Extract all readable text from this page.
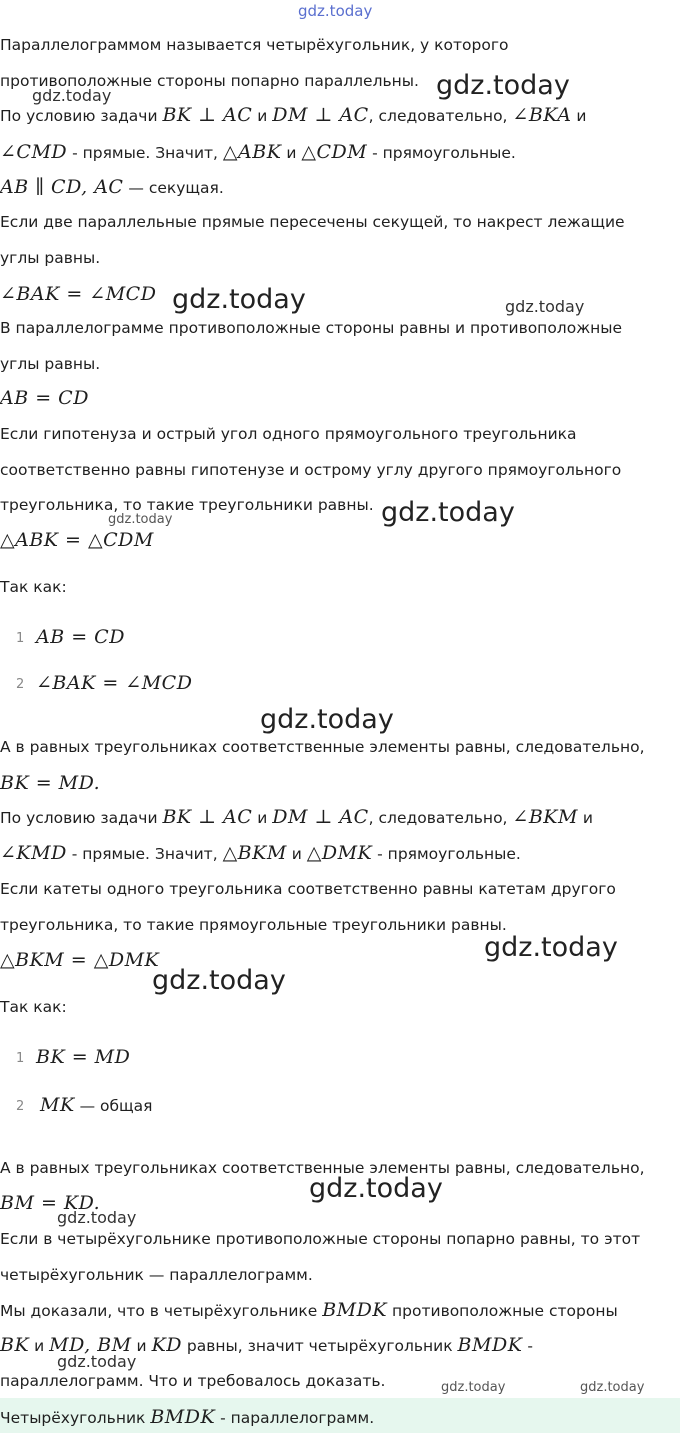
Параллелограммом называется четырёхугольник, у которого
противоположные стороны попарно параллельны.
По условию задачи BK ⊥ AC и DM ⊥ AC, следовательно, ∠BKA и
∠CMD - прямые. Значит, △ABK и △CDM - прямоугольные.
AB ∥ CD, AC — секущая.
Если две параллельные прямые пересечены секущей, то накрест лежащие
углы равны.
∠BAK = ∠MCD
В параллелограмме противоположные стороны равны и противоположные
углы равны.
AB = CD
Если гипотенуза и острый угол одного прямоугольного треугольника
соответственно равны гипотенузе и острому углу другого прямоугольного
треугольника, то такие треугольники равны.
△ABK = △CDM
Так как:
AB = CD
∠BAK = ∠MCD
А в равных треугольниках соответственные элементы равны, следовательно,
BK = MD.
По условию задачи BK ⊥ AC и DM ⊥ AC, следовательно, ∠BKM и
∠KMD - прямые. Значит, △BKM и △DMK - прямоугольные.
Если катеты одного треугольника соответственно равны катетам другого
треугольника, то такие прямоугольные треугольники равны.
△BKM = △DMK
Так как:
BK = MD
MK — общая
А в равных треугольниках соответственные элементы равны, следовательно,
BM = KD.
Если в четырёхугольнике противоположные стороны попарно равны, то этот
четырёхугольник — параллелограмм.
Мы доказали, что в четырёхугольнике BMDK противоположные стороны
BK и MD, BM и KD равны, значит четырёхугольник BMDK -
параллелограмм. Что и требовалось доказать.
Четырёхугольник BMDK - параллелограмм.
1
2
1
2
gdz.today
gdz.today
gdz.today
gdz.today	gdz.today
gdz.today
gdz.today
gdz.today
gdz.today
gdz.today
gdz.today
gdz.today
gdz.today
gdz.today	gdz.today
